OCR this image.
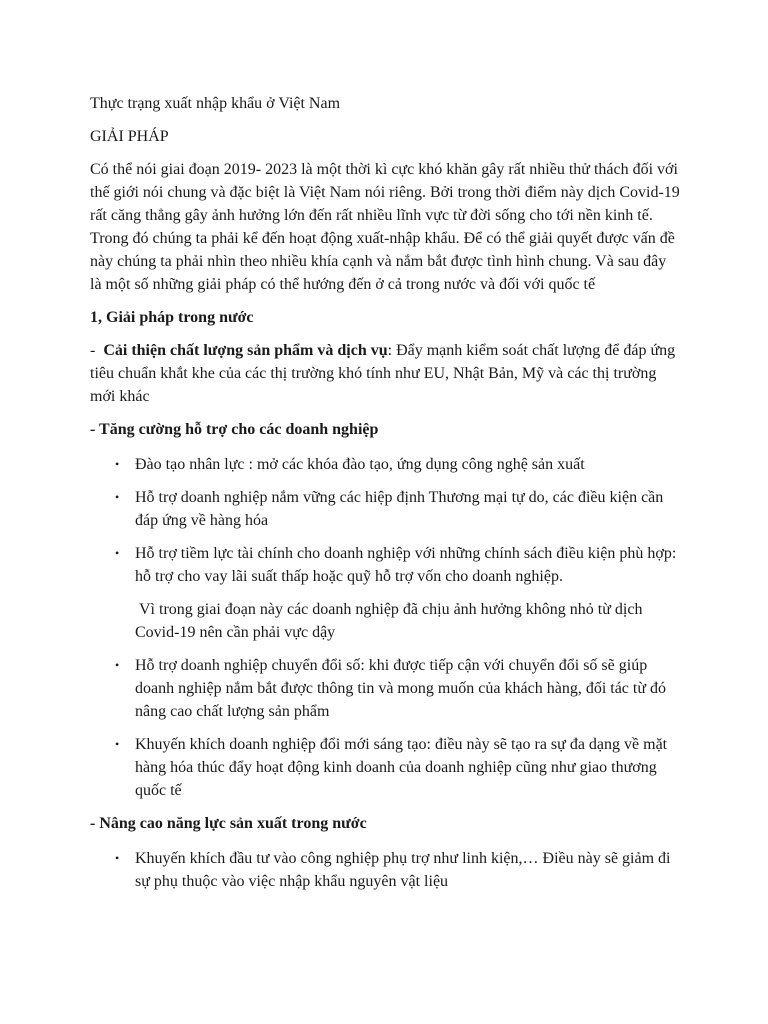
Thực trạng xuất nhập khẩu ở Việt Nam

GIẢI PHÁP

Có thể nói giai đoạn 2019- 2023 là một thời kì cực khó khăn gây rất nhiều thử thách đối với thế giới nói chung và đặc biệt là Việt Nam nói riêng. Bởi trong thời điểm này dịch Covid-19 rất căng thẳng gây ảnh hưởng lớn đến rất nhiều lĩnh vực từ đời sống cho tới nền kinh tế. Trong đó chúng ta phải kể đến hoạt động xuất-nhập khẩu. Để có thể giải quyết được vấn đề này chúng ta phải nhìn theo nhiều khía cạnh và nắm bắt được tình hình chung. Và sau đây là một số những giải pháp có thể hướng đến ở cả trong nước và đối với quốc tế

1, Giải pháp trong nước

- Cải thiện chất lượng sản phẩm và dịch vụ: Đẩy mạnh kiểm soát chất lượng để đáp ứng tiêu chuẩn khắt khe của các thị trường khó tính như EU, Nhật Bản, Mỹ và các thị trường mới khác

- Tăng cường hỗ trợ cho các doanh nghiệp

• Đào tạo nhân lực : mở các khóa đào tạo, ứng dụng công nghệ sản xuất
• Hỗ trợ doanh nghiệp nắm vững các hiệp định Thương mại tự do, các điều kiện cần đáp ứng về hàng hóa
• Hỗ trợ tiềm lực tài chính cho doanh nghiệp với những chính sách điều kiện phù hợp: hỗ trợ cho vay lãi suất thấp hoặc quỹ hỗ trợ vốn cho doanh nghiệp.

Vì trong giai đoạn này các doanh nghiệp đã chịu ảnh hưởng không nhỏ từ dịch Covid-19 nên cần phải vực dậy

• Hỗ trợ doanh nghiệp chuyển đổi số: khi được tiếp cận với chuyển đổi số sẽ giúp doanh nghiệp nắm bắt được thông tin và mong muốn của khách hàng, đối tác từ đó nâng cao chất lượng sản phẩm
• Khuyến khích doanh nghiệp đổi mới sáng tạo: điều này sẽ tạo ra sự đa dạng về mặt hàng hóa thúc đẩy hoạt động kinh doanh của doanh nghiệp cũng như giao thương quốc tế

- Nâng cao năng lực sản xuất trong nước

• Khuyến khích đầu tư vào công nghiệp phụ trợ như linh kiện,… Điều này sẽ giảm đi sự phụ thuộc vào việc nhập khẩu nguyên vật liệu
